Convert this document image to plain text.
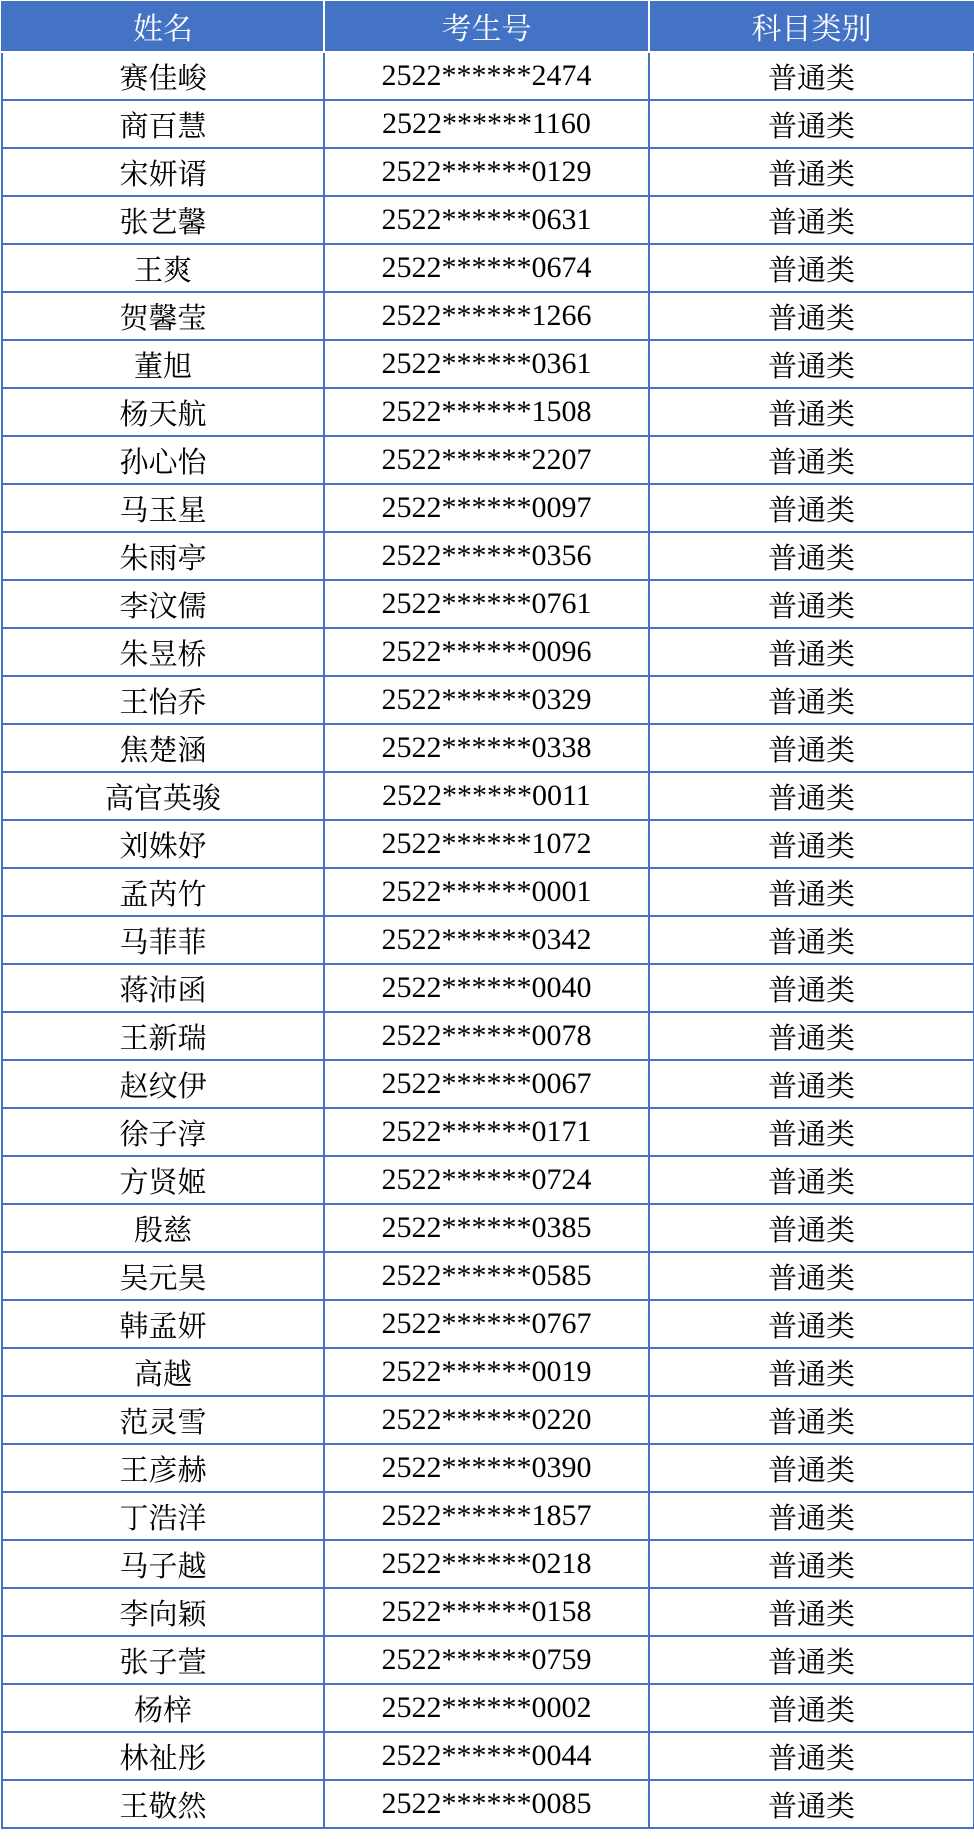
姓名	考生号	科目类别
赛佳峻	2522******2474	普通类
商百慧	2522******1160	普通类
宋妍谞	2522******0129	普通类
张艺馨	2522******0631	普通类
王爽	2522******0674	普通类
贺馨莹	2522******1266	普通类
董旭	2522******0361	普通类
杨天航	2522******1508	普通类
孙心怡	2522******2207	普通类
马玉星	2522******0097	普通类
朱雨亭	2522******0356	普通类
李汶儒	2522******0761	普通类
朱昱桥	2522******0096	普通类
王怡乔	2522******0329	普通类
焦楚涵	2522******0338	普通类
高官英骏	2522******0011	普通类
刘姝妤	2522******1072	普通类
孟芮竹	2522******0001	普通类
马菲菲	2522******0342	普通类
蒋沛函	2522******0040	普通类
王新瑞	2522******0078	普通类
赵纹伊	2522******0067	普通类
徐子淳	2522******0171	普通类
方贤姬	2522******0724	普通类
殷慈	2522******0385	普通类
吴元昊	2522******0585	普通类
韩孟妍	2522******0767	普通类
高越	2522******0019	普通类
范灵雪	2522******0220	普通类
王彦赫	2522******0390	普通类
丁浩洋	2522******1857	普通类
马子越	2522******0218	普通类
李向颖	2522******0158	普通类
张子萱	2522******0759	普通类
杨梓	2522******0002	普通类
林祉彤	2522******0044	普通类
王敬然	2522******0085	普通类
